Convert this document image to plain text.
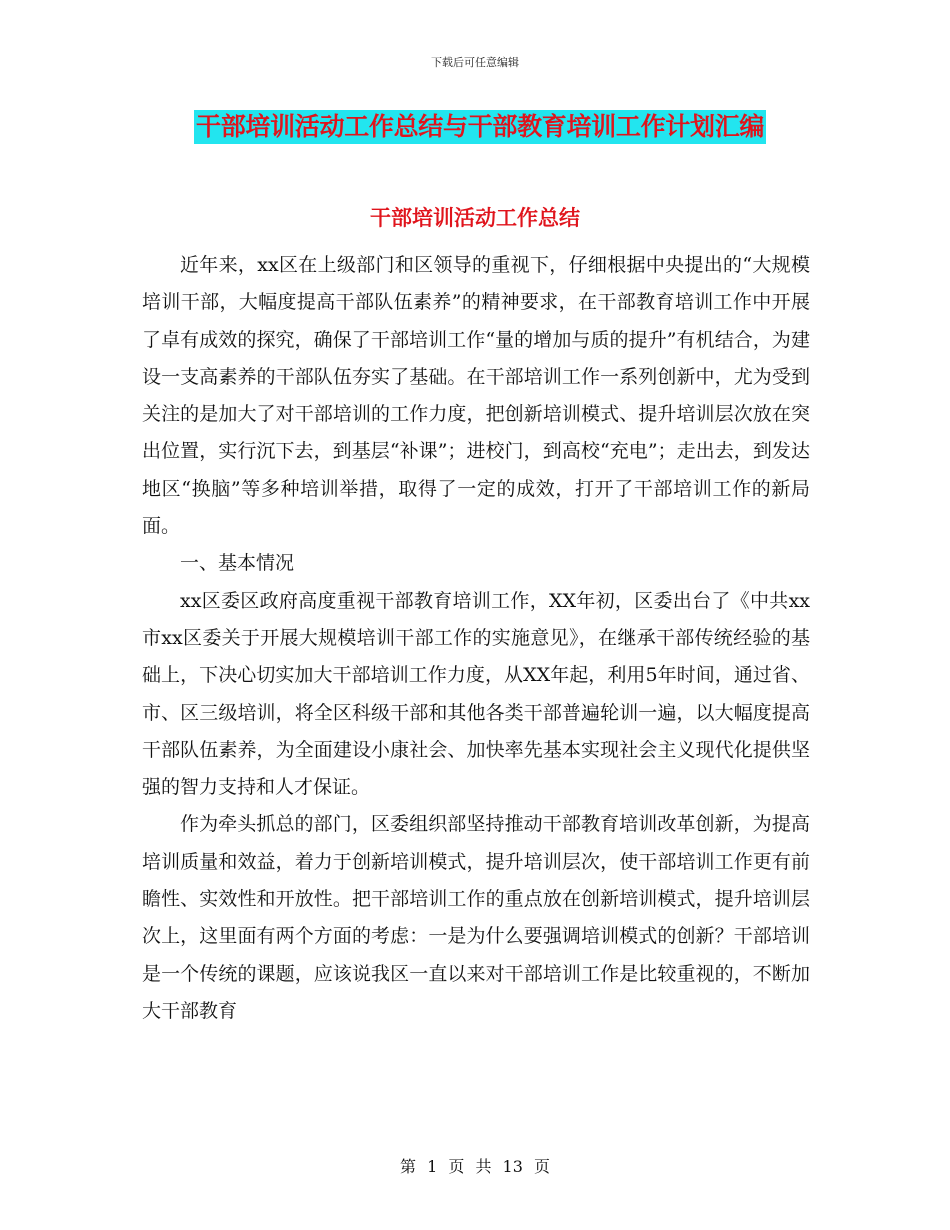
下载后可任意编辑
干部培训活动工作总结与干部教育培训工作计划汇编
干部培训活动工作总结

近年来，xx区在上级部门和区领导的重视下，仔细根据中央提出的“大规模培训干部，大幅度提高干部队伍素养”的精神要求，在干部教育培训工作中开展了卓有成效的探究，确保了干部培训工作“量的增加与质的提升”有机结合，为建设一支高素养的干部队伍夯实了基础。在干部培训工作一系列创新中，尤为受到关注的是加大了对干部培训的工作力度，把创新培训模式、提升培训层次放在突出位置，实行沉下去，到基层“补课”；进校门，到高校“充电”；走出去，到发达地区“换脑”等多种培训举措，取得了一定的成效，打开了干部培训工作的新局面。

一、基本情况

xx区委区政府高度重视干部教育培训工作，XX年初，区委出台了《中共xx市xx区委关于开展大规模培训干部工作的实施意见》，在继承干部传统经验的基础上，下决心切实加大干部培训工作力度，从XX年起，利用5年时间，通过省、市、区三级培训，将全区科级干部和其他各类干部普遍轮训一遍，以大幅度提高干部队伍素养，为全面建设小康社会、加快率先基本实现社会主义现代化提供坚强的智力支持和人才保证。

作为牵头抓总的部门，区委组织部坚持推动干部教育培训改革创新，为提高培训质量和效益，着力于创新培训模式，提升培训层次，使干部培训工作更有前瞻性、实效性和开放性。把干部培训工作的重点放在创新培训模式，提升培训层次上，这里面有两个方面的考虑：一是为什么要强调培训模式的创新？干部培训是一个传统的课题，应该说我区一直以来对干部培训工作是比较重视的，不断加大干部教育

第 1 页 共 13 页
